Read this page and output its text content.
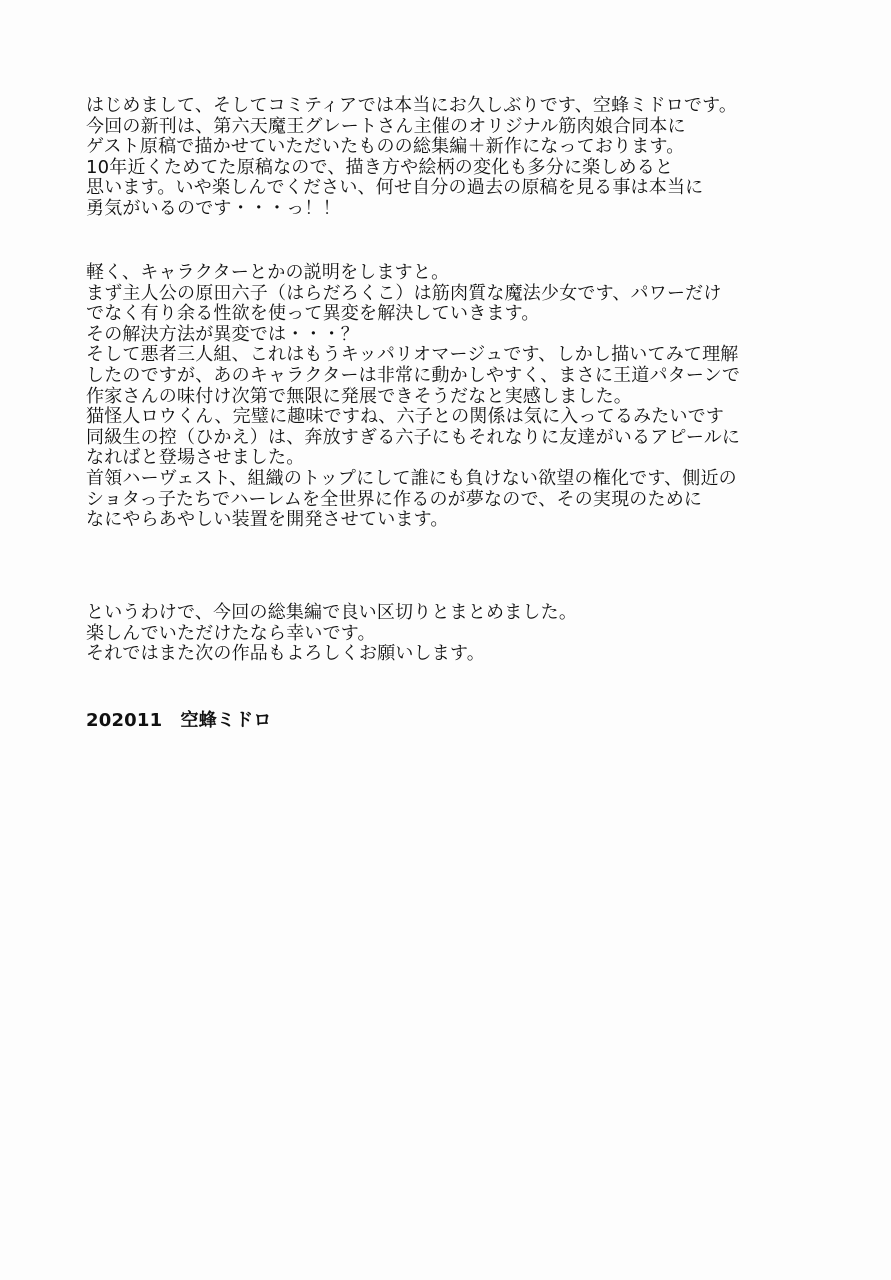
はじめまして、そしてコミティアでは本当にお久しぶりです、空蜂ミドロです。
今回の新刊は、第六天魔王グレートさん主催のオリジナル筋肉娘合同本に
ゲスト原稿で描かせていただいたものの総集編＋新作になっております。
10年近くためてた原稿なので、描き方や絵柄の変化も多分に楽しめると
思います。いや楽しんでください、何せ自分の過去の原稿を見る事は本当に
勇気がいるのです・・・っ！！
軽く、キャラクターとかの説明をしますと。
まず主人公の原田六子（はらだろくこ）は筋肉質な魔法少女です、パワーだけ
でなく有り余る性欲を使って異変を解決していきます。
その解決方法が異変では・・・？
そして悪者三人組、これはもうキッパリオマージュです、しかし描いてみて理解
したのですが、あのキャラクターは非常に動かしやすく、まさに王道パターンで
作家さんの味付け次第で無限に発展できそうだなと実感しました。
猫怪人ロウくん、完璧に趣味ですね、六子との関係は気に入ってるみたいです
同級生の控（ひかえ）は、奔放すぎる六子にもそれなりに友達がいるアピールに
なればと登場させました。
首領ハーヴェスト、組織のトップにして誰にも負けない欲望の権化です、側近の
ショタっ子たちでハーレムを全世界に作るのが夢なので、その実現のために
なにやらあやしい装置を開発させています。
というわけで、今回の総集編で良い区切りとまとめました。
楽しんでいただけたなら幸いです。
それではまた次の作品もよろしくお願いします。
202011　空蜂ミドロ
